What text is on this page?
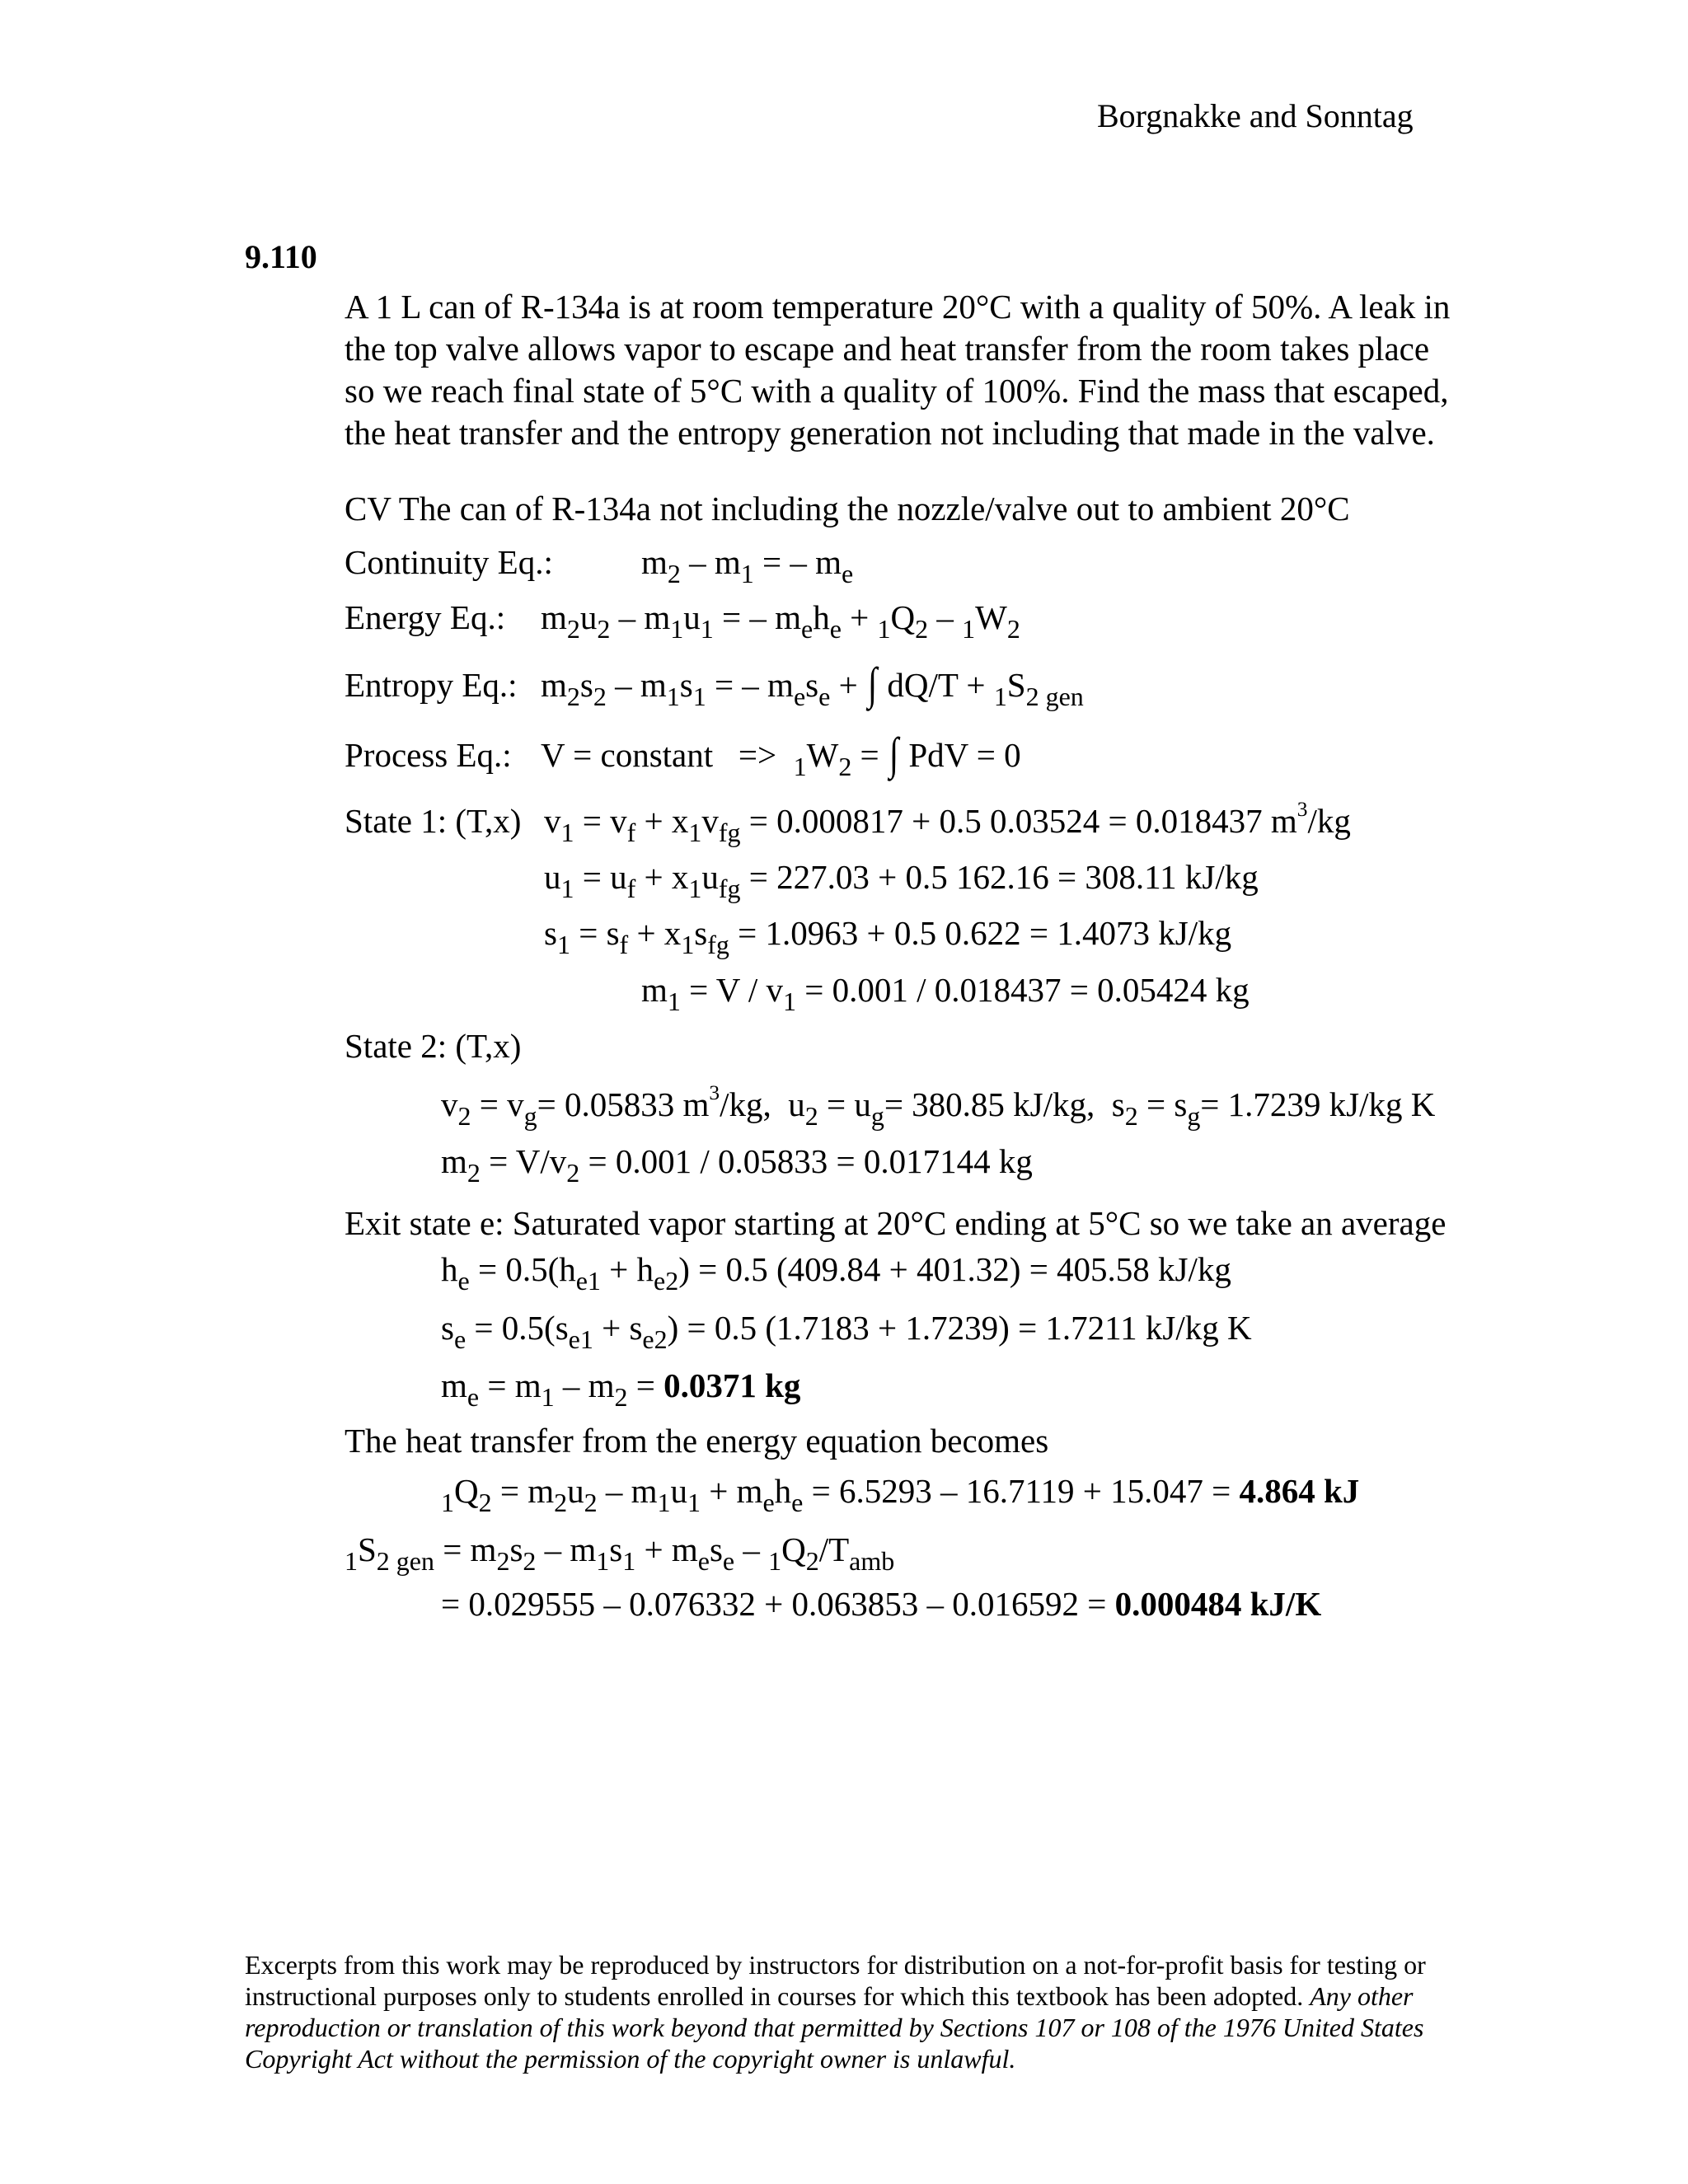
Borgnakke and Sonntag
9.110
A 1 L can of R-134a is at room temperature 20°C with a quality of 50%. A leak in
the top valve allows vapor to escape and heat transfer from the room takes place
so we reach final state of 5°C with a quality of 100%. Find the mass that escaped,
the heat transfer and the entropy generation not including that made in the valve.
CV The can of R-134a not including the nozzle/valve out to ambient 20°C
Continuity Eq.:	$m_2 - m_1$ = – $m_e$
Energy Eq.: $m_2u_2 - m_1u_1$ = – $m_eh_e + _1Q_2 - _1W_2$
Entropy Eq.: $m_2s_2 - m_1s_1$ = – $m_es_e$ + ∫ $dQ/T + _1S_{2 gen}$
Process Eq.: V = constant   =>  $_1W_2$ = ∫ PdV = 0
State 1: (T,x) $v_1 = v_f + x_1v_{fg} = 0.000817 + 0.5$ 0.03524 = 0.018437 $m^3/kg$
$u_1 = u_f + x_1u_{fg} = 227.03 + 0.5$ 162.16 = 308.11 kJ/kg
$s_1 = s_f + x_1s_{fg} = 1.0963 + 0.5$ 0.622 = 1.4073 kJ/kg
$m_1 = V / v_1 = 0.001 / 0.018437 = 0.05424$ kg
State 2: (T,x)
$v_2 = v_g= 0.05833$ $m^3/kg$,  $u_2 = u_g= 380.85$ kJ/kg,  $s_2 = s_g= 1.7239$ kJ/kg K
$m_2 = V/v_2 = 0.001 / 0.05833 = 0.017144$ kg
Exit state e: Saturated vapor starting at 20°C ending at 5°C so we take an average
$h_e = 0.5(h_{e1} + h_{e2}) = 0.5$ (409.84 + 401.32) = 405.58 kJ/kg
$s_e = 0.5(s_{e1} + s_{e2}) = 0.5$ (1.7183 + 1.7239) = 1.7211 kJ/kg K
$m_e = m_1 - m_2 = 0.0371$ kg
The heat transfer from the energy equation becomes
$_1Q_2 = m_2u_2 - m_1u_1 + m_eh_e = 6.5293 - 16.7119 + 15.047 = 4.864$ kJ
$_1S_{2 gen} = m_2s_2 - m_1s_1 + m_es_e - _1Q_2/T_{amb}$
= 0.029555 – 0.076332 + 0.063853 – 0.016592 = 0.000484 kJ/K
Excerpts from this work may be reproduced by instructors for distribution on a not-for-profit basis for testing or instructional purposes only to students enrolled in courses for which this textbook has been adopted. Any other reproduction or translation of this work beyond that permitted by Sections 107 or 108 of the 1976 United States Copyright Act without the permission of the copyright owner is unlawful.
